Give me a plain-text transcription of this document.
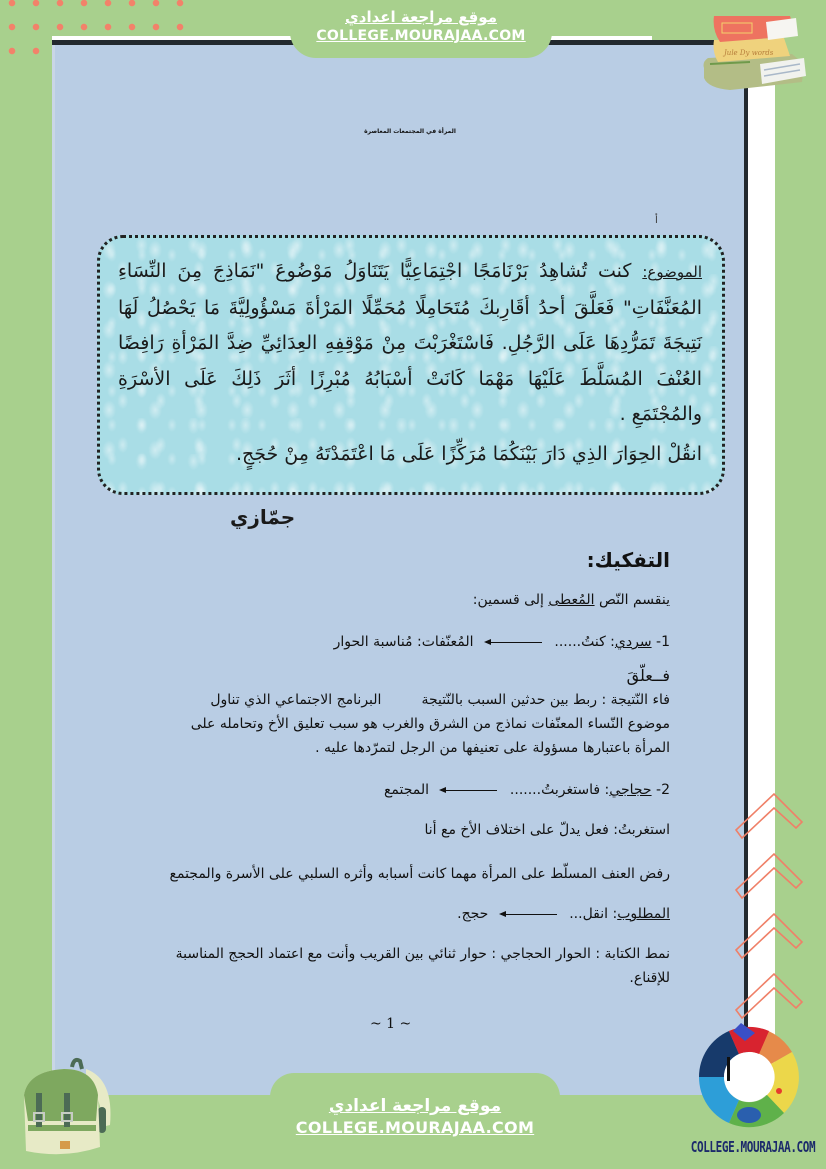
موقع مراجعة اعدادي
COLLEGE.MOURAJAA.COM
Jule Dy words
المرأة في المجتمعات المعاصرة
أ

الموضوع: كنت تُشاهِدُ بَرْنَامَجًا اجْتِمَاعِيًّا يَتَنَاوَلُ مَوْضُوعَ "نَمَاذِجَ مِنَ النِّسَاءِ المُعَنَّفَاتِ" فَعَلَّقَ أحدُ أقَارِبكَ مُتَحَامِلًا مُحَمِّلًا المَرْأةَ مَسْؤُولِيَّةَ مَا يَحْصُلُ لَهَا نَتِيجَةَ تَمَرُّدِهَا عَلَى الرَّجُلِ. فَاسْتَغْرَبْتَ مِنْ مَوْقِفِهِ العِدَائِيِّ ضِدَّ المَرْأةِ رَافِضًا العُنْفَ المُسَلَّطَ عَلَيْهَا مَهْمَا كَانَتْ أسْبَابُهُ مُبْرِزًا أثَرَ ذَلِكَ عَلَى الأسْرَةِ والمُجْتَمَعِ .

انقُلْ الحِوَارَ الذِي دَارَ بَيْنَكُمَا مُرَكِّزًا عَلَى مَا اعْتَمَدْتَهُ مِنْ حُجَجٍ.

جمّازي
التفكيك:
ينقسم النّص المُعطى إلى قسمين:
1- سردي: كنتُ......  المُعنّفات: مُناسبة الحوار
فــعلّقَ
فاء النّتيجة : ربط بين حدثين السبب بالنّتيجةالبرنامج الاجتماعي الذي تناول
موضوع النّساء المعنّفات نماذج من الشرق والغرب هو سبب تعليق الأخ وتحامله على
المرأة باعتبارها مسؤولة على تعنيفها من الرجل لتمرّدها عليه .
2- حجاجي: فاستغربتُ.......  المجتمع
استغربتُ: فعل يدلّ على اختلاف الأخ مع أنا
رفض العنف المسلّط على المرأة مهما كانت أسبابه وأثره السلبي على الأسرة والمجتمع
المطلوب: انقل...  حجج.
نمط الكتابة : الحوار الحجاجي : حوار ثنائي بين القريب وأنت مع اعتماد الحجج المناسبة
للإقناع.
~ 1 ~
COLLEGE.MOURAJAA.COM
موقع مراجعة اعدادي
COLLEGE.MOURAJAA.COM
